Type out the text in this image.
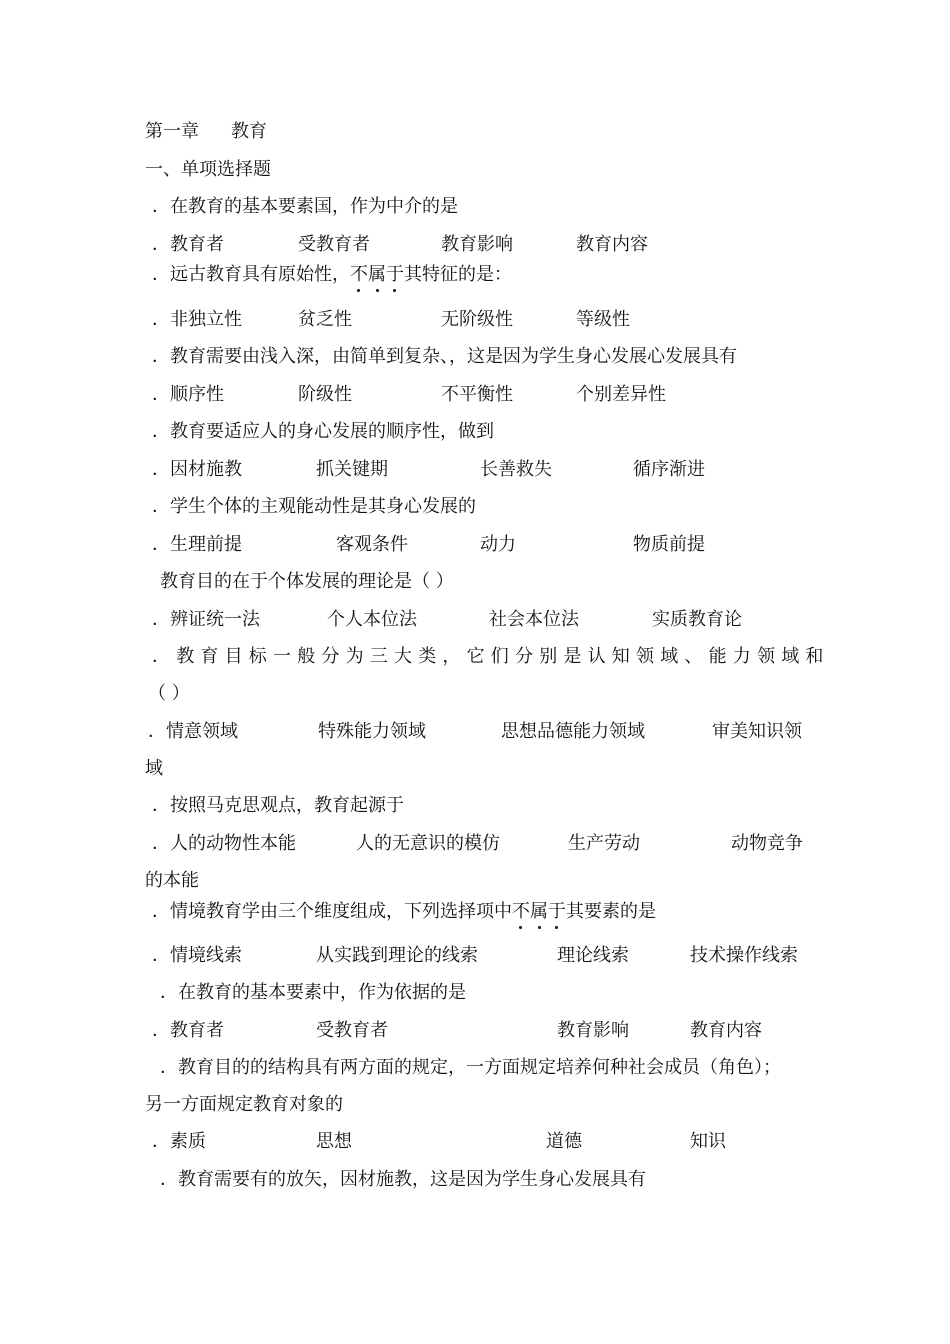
第一章 教育
一、单项选择题
．在教育的基本要素国，作为中介的是
．教育者	受教育者	教育影响	教育内容
．远古教育具有原始性，不属于
其特征的是：
．非独立性	贫乏性	无阶级性	等级性
．教育需要由浅入深，由简单到复杂、，这是因为学生身心发展心发展具有
．顺序性	阶级性	不平衡性	个别差异性
．教育要适应人的身心发展的顺序性，做到
．因材施教	抓关键期	长善救失	循序渐进
．学生个体的主观能动性是其身心发展的
．生理前提	客观条件	动力	物质前提
教育目的在于个体发展的理论是（ ）
．辨证统一法	个人本位法	社会本位法	实质教育论
．教育目标一般分为三大类，它们分别是认知领域、能力领域和
（ ）
．情意领域	特殊能力领域	思想品德能力领域	审美知识领
域
．按照马克思观点，教育起源于
．人的动物性本能	人的无意识的模仿	生产劳动	动物竞争
的本能
．情境教育学由三个维度组成，下列选择项中不属于
其要素的是
．情境线索	从实践到理论的线索	理论线索	技术操作线索
．在教育的基本要素中，作为依据的是
．教育者	受教育者	教育影响	教育内容
．教育目的的结构具有两方面的规定，一方面规定培养何种社会成员（角色）；
另一方面规定教育对象的
．素质	思想	道德	知识
．教育需要有的放矢，因材施教，这是因为学生身心发展具有
